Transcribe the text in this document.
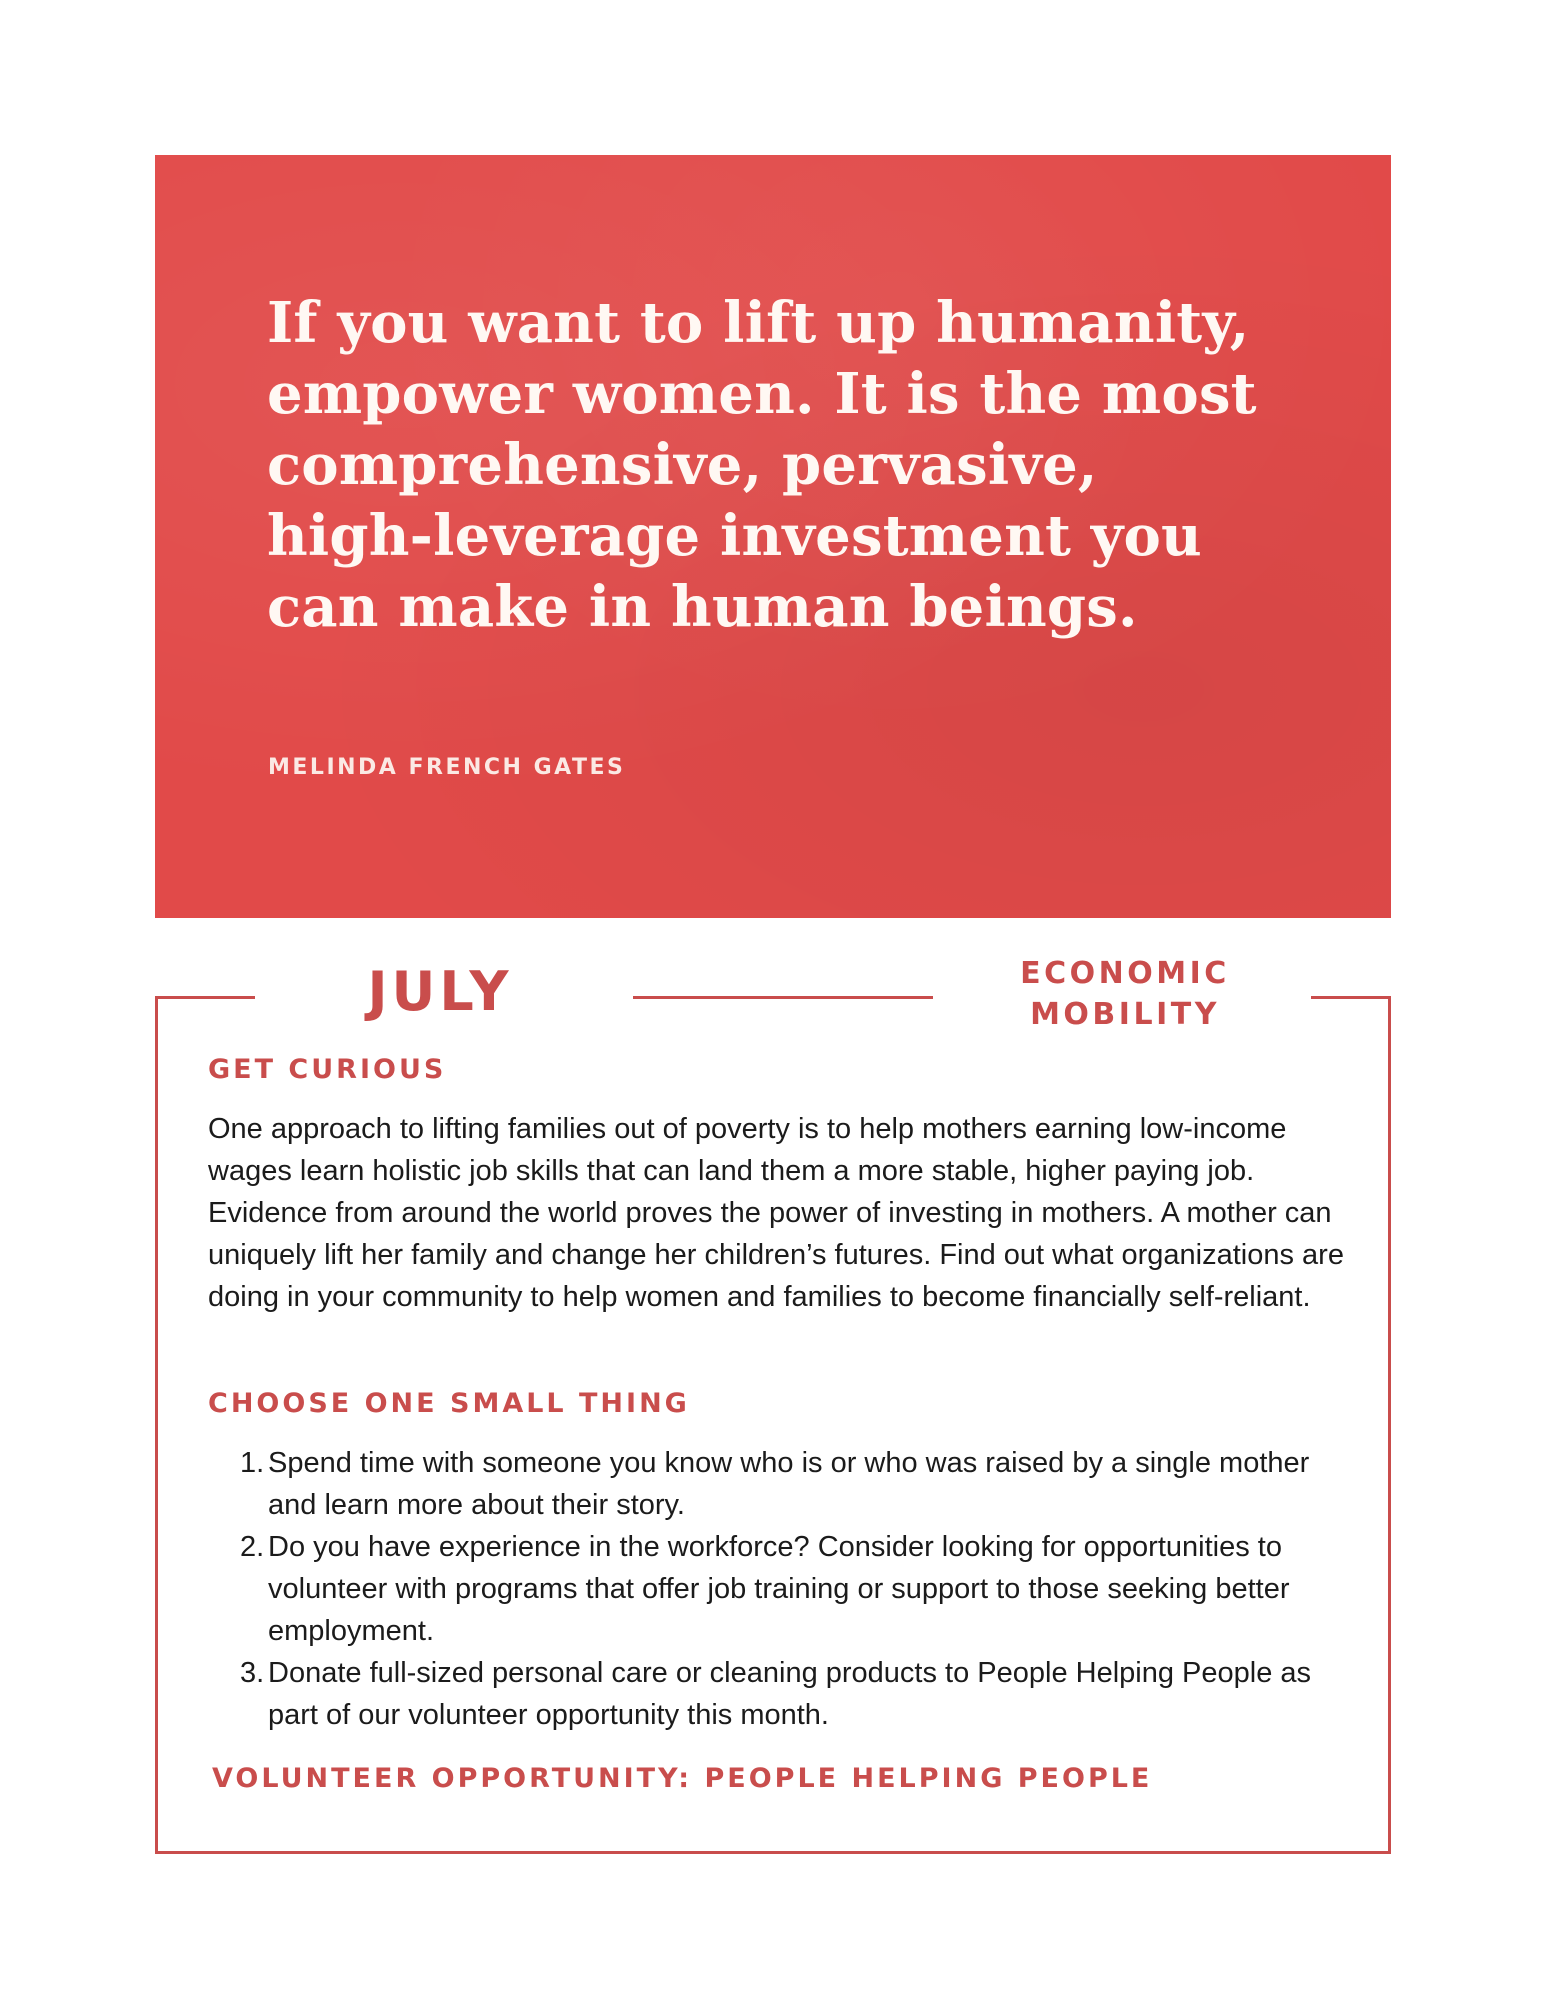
If you want to lift up humanity,
empower women. It is the most
comprehensive, pervasive,
high-leverage investment you
can make in human beings.

MELINDA FRENCH GATES

JULY	ECONOMIC MOBILITY
GET CURIOUS

One approach to lifting families out of poverty is to help mothers earning low-income wages learn holistic job skills that can land them a more stable, higher paying job. Evidence from around the world proves the power of investing in mothers. A mother can uniquely lift her family and change her children’s futures. Find out what organizations are doing in your community to help women and families to become financially self-reliant.

CHOOSE ONE SMALL THING
1. Spend time with someone you know who is or who was raised by a single mother and learn more about their story.
2. Do you have experience in the workforce? Consider looking for opportunities to volunteer with programs that offer job training or support to those seeking better employment.
3. Donate full-sized personal care or cleaning products to People Helping People as part of our volunteer opportunity this month.
VOLUNTEER OPPORTUNITY: PEOPLE HELPING PEOPLE
